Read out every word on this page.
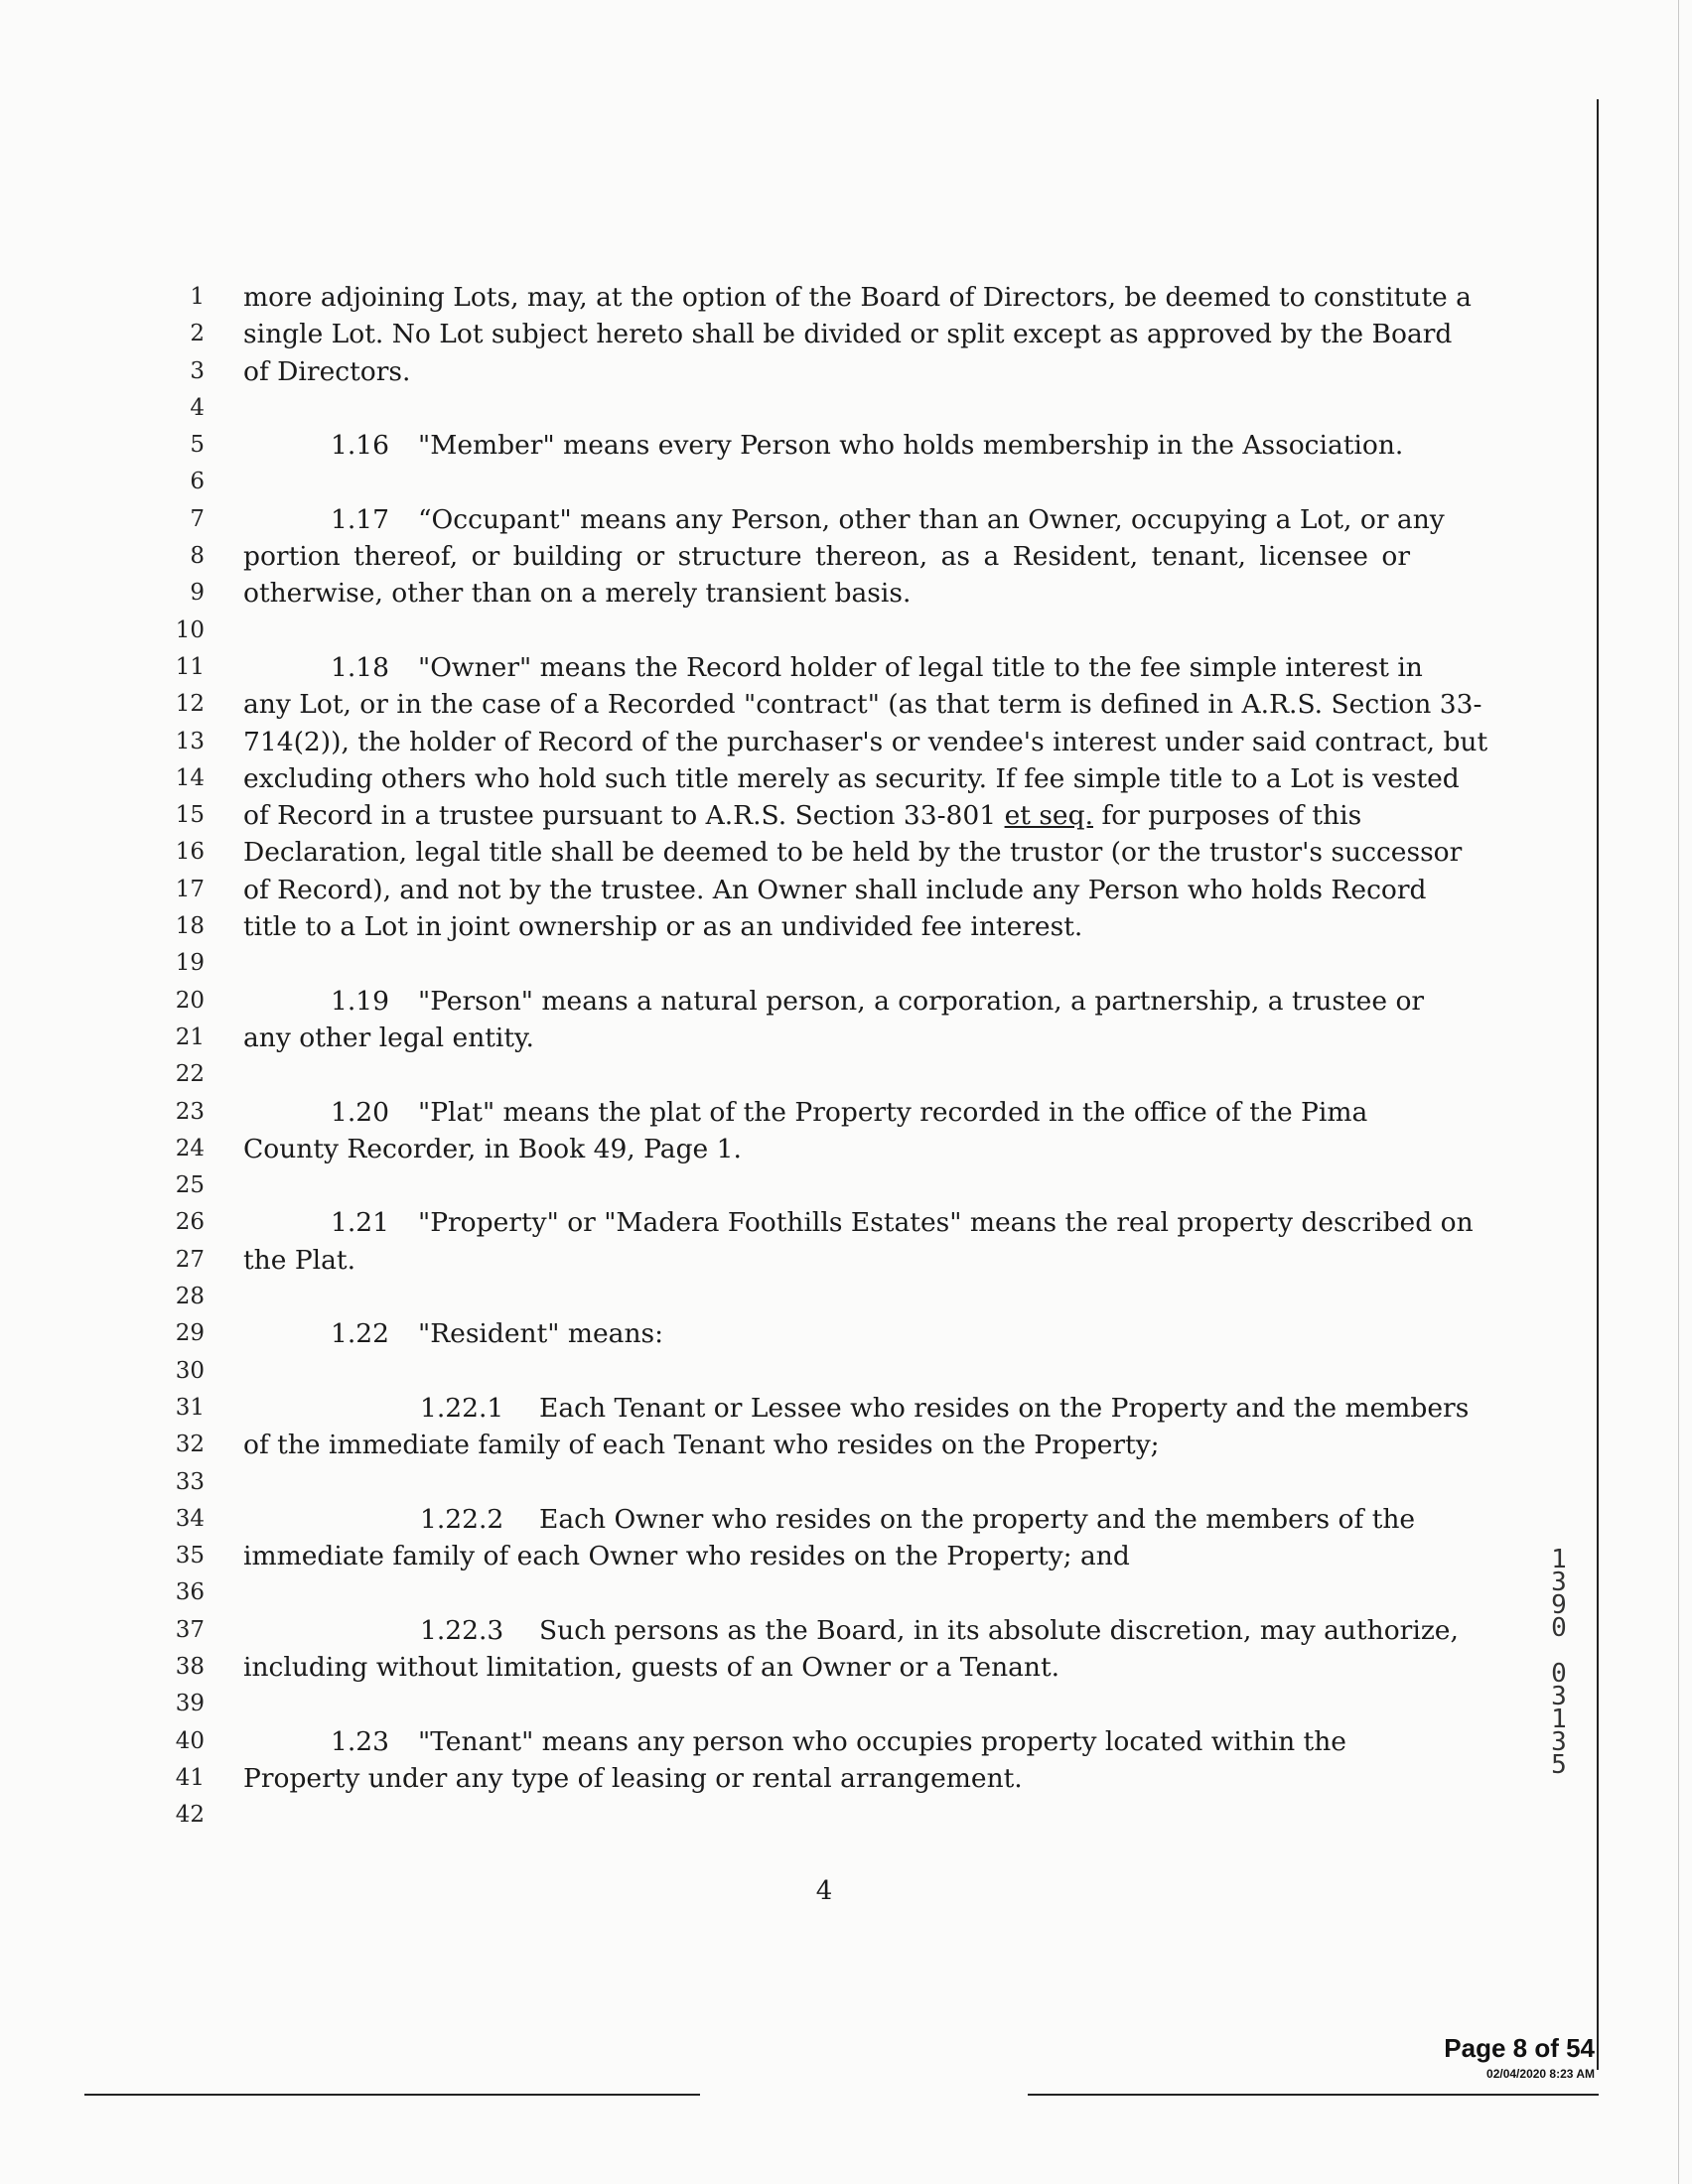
1
2
3
4
5
6
7
8
9
10
11
12
13
14
15
16
17
18
19
20
21
22
23
24
25
26
27
28
29
30
31
32
33
34
35
36
37
38
39
40
41
42
more adjoining Lots, may, at the option of the Board of Directors, be deemed to constitute a
single Lot. No Lot subject hereto shall be divided or split except as approved by the Board
of Directors.
1.16 "Member" means every Person who holds membership in the Association.
1.17 “Occupant" means any Person, other than an Owner, occupying a Lot, or any
portion thereof, or building or structure thereon, as a Resident, tenant, licensee or
otherwise, other than on a merely transient basis.
1.18 "Owner" means the Record holder of legal title to the fee simple interest in
any Lot, or in the case of a Recorded "contract" (as that term is defined in A.R.S. Section 33-
714(2)), the holder of Record of the purchaser's or vendee's interest under said contract, but
excluding others who hold such title merely as security. If fee simple title to a Lot is vested
of Record in a trustee pursuant to A.R.S. Section 33-801 et seq. for purposes of this
Declaration, legal title shall be deemed to be held by the trustor (or the trustor's successor
of Record), and not by the trustee. An Owner shall include any Person who holds Record
title to a Lot in joint ownership or as an undivided fee interest.
1.19 "Person" means a natural person, a corporation, a partnership, a trustee or
any other legal entity.
1.20 "Plat" means the plat of the Property recorded in the office of the Pima
County Recorder, in Book 49, Page 1.
1.21 "Property" or "Madera Foothills Estates" means the real property described on
the Plat.
1.22 "Resident" means:
1.22.1 Each Tenant or Lessee who resides on the Property and the members
of the immediate family of each Tenant who resides on the Property;
1.22.2 Each Owner who resides on the property and the members of the
immediate family of each Owner who resides on the Property; and
1.22.3 Such persons as the Board, in its absolute discretion, may authorize,
including without limitation, guests of an Owner or a Tenant.
1.23 "Tenant" means any person who occupies property located within the
Property under any type of leasing or rental arrangement.
4
1
3
9
0

0
3
1
3
5
Page 8 of 54
02/04/2020 8:23 AM
